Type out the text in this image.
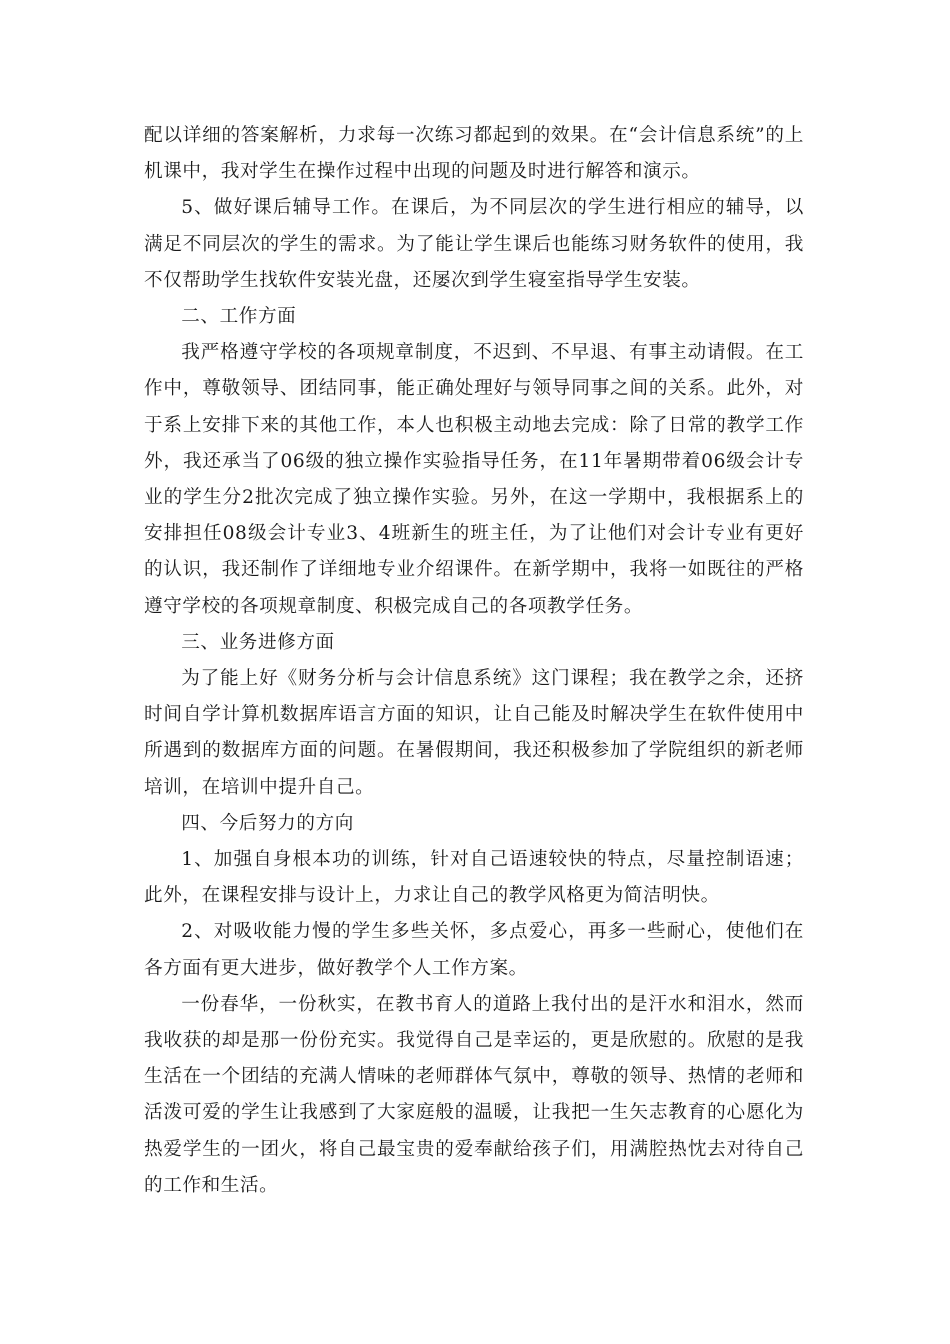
配以详细的答案解析，力求每一次练习都起到的效果。在“会计信息系统”的上机课中，我对学生在操作过程中出现的问题及时进行解答和演示。

5、做好课后辅导工作。在课后，为不同层次的学生进行相应的辅导，以满足不同层次的学生的需求。为了能让学生课后也能练习财务软件的使用，我不仅帮助学生找软件安装光盘，还屡次到学生寝室指导学生安装。

二、工作方面

我严格遵守学校的各项规章制度，不迟到、不早退、有事主动请假。在工作中，尊敬领导、团结同事，能正确处理好与领导同事之间的关系。此外，对于系上安排下来的其他工作，本人也积极主动地去完成：除了日常的教学工作外，我还承当了06级的独立操作实验指导任务，在11年暑期带着06级会计专业的学生分2批次完成了独立操作实验。另外，在这一学期中，我根据系上的安排担任08级会计专业3、4班新生的班主任，为了让他们对会计专业有更好的认识，我还制作了详细地专业介绍课件。在新学期中，我将一如既往的严格遵守学校的各项规章制度、积极完成自己的各项教学任务。

三、业务进修方面

为了能上好《财务分析与会计信息系统》这门课程；我在教学之余，还挤时间自学计算机数据库语言方面的知识，让自己能及时解决学生在软件使用中所遇到的数据库方面的问题。在暑假期间，我还积极参加了学院组织的新老师培训，在培训中提升自己。

四、今后努力的方向

1、加强自身根本功的训练，针对自己语速较快的特点，尽量控制语速；此外，在课程安排与设计上，力求让自己的教学风格更为简洁明快。

2、对吸收能力慢的学生多些关怀，多点爱心，再多一些耐心，使他们在各方面有更大进步，做好教学个人工作方案。

一份春华，一份秋实，在教书育人的道路上我付出的是汗水和泪水，然而我收获的却是那一份份充实。我觉得自己是幸运的，更是欣慰的。欣慰的是我生活在一个团结的充满人情味的老师群体气氛中，尊敬的领导、热情的老师和活泼可爱的学生让我感到了大家庭般的温暖，让我把一生矢志教育的心愿化为热爱学生的一团火，将自己最宝贵的爱奉献给孩子们，用满腔热忱去对待自己的工作和生活。
